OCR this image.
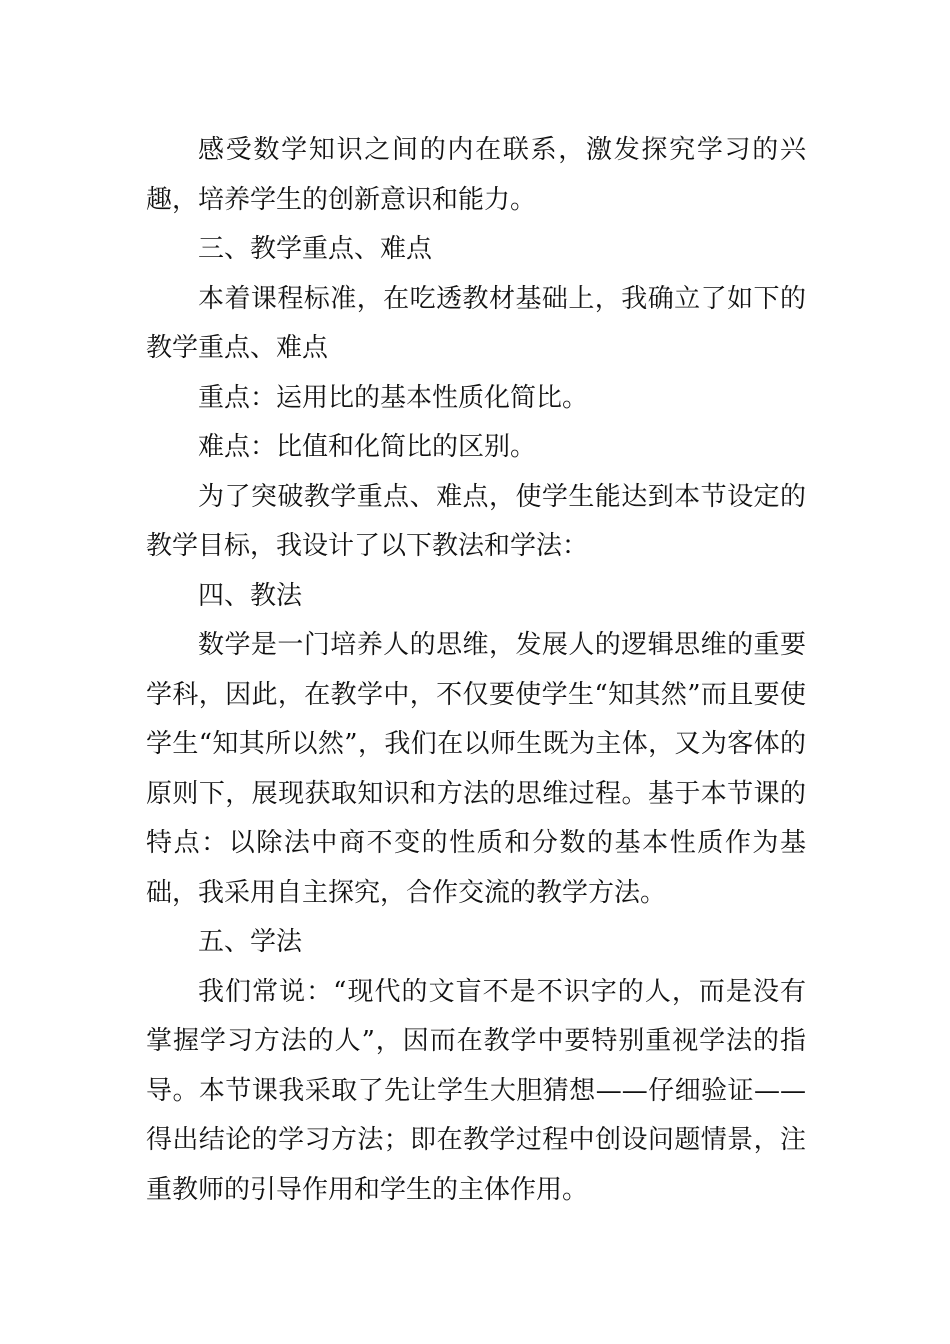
感受数学知识之间的内在联系，激发探究学习的兴趣，培养学生的创新意识和能力。

三、教学重点、难点

本着课程标准，在吃透教材基础上，我确立了如下的教学重点、难点

重点：运用比的基本性质化简比。

难点：比值和化简比的区别。

为了突破教学重点、难点，使学生能达到本节设定的教学目标，我设计了以下教法和学法：

四、教法

数学是一门培养人的思维，发展人的逻辑思维的重要学科，因此，在教学中，不仅要使学生“知其然”而且要使学生“知其所以然”，我们在以师生既为主体，又为客体的原则下，展现获取知识和方法的思维过程。基于本节课的特点：以除法中商不变的性质和分数的基本性质作为基础，我采用自主探究，合作交流的教学方法。

五、学法

我们常说：“现代的文盲不是不识字的人，而是没有掌握学习方法的人”，因而在教学中要特别重视学法的指导。本节课我采取了先让学生大胆猜想——仔细验证——得出结论的学习方法；即在教学过程中创设问题情景，注重教师的引导作用和学生的主体作用。
